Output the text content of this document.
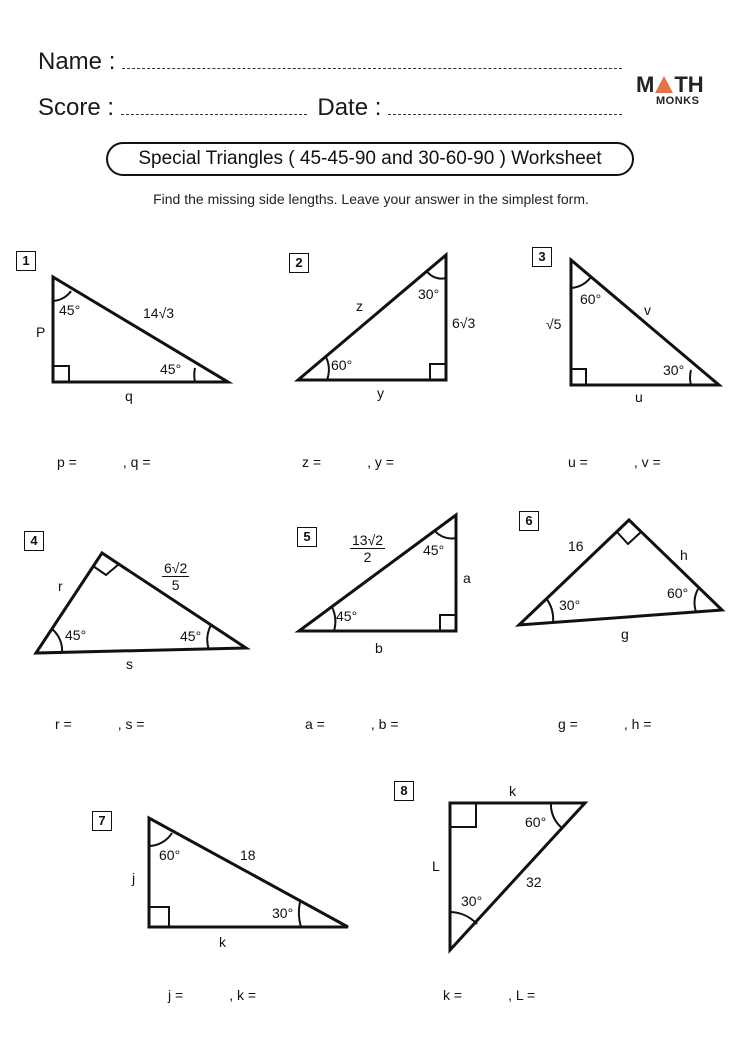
Name :
Score :	Date :
M TH
MONKS
Special Triangles ( 45-45-90 and 30-60-90 ) Worksheet
Find the missing side lengths. Leave your answer in the simplest form.
1	2	3
4	5
6
7
8
45°	14√3
P
45°
q
30°
z
6√3
60°
y
60°
v
√5
30°
u
$\frac{6√2}{5}$
r
45°	45°
s
$\frac{13√2}{2}$	45°
a
45°
b
16
h
60°
30°
g
60°	18
j
30°
k
k
60°
L
32
30°
p =	, q =	z =	, y =	u =	, v =
r =	, s =	a =	, b =	g =	, h =
j =	, k =	k =	, L =
